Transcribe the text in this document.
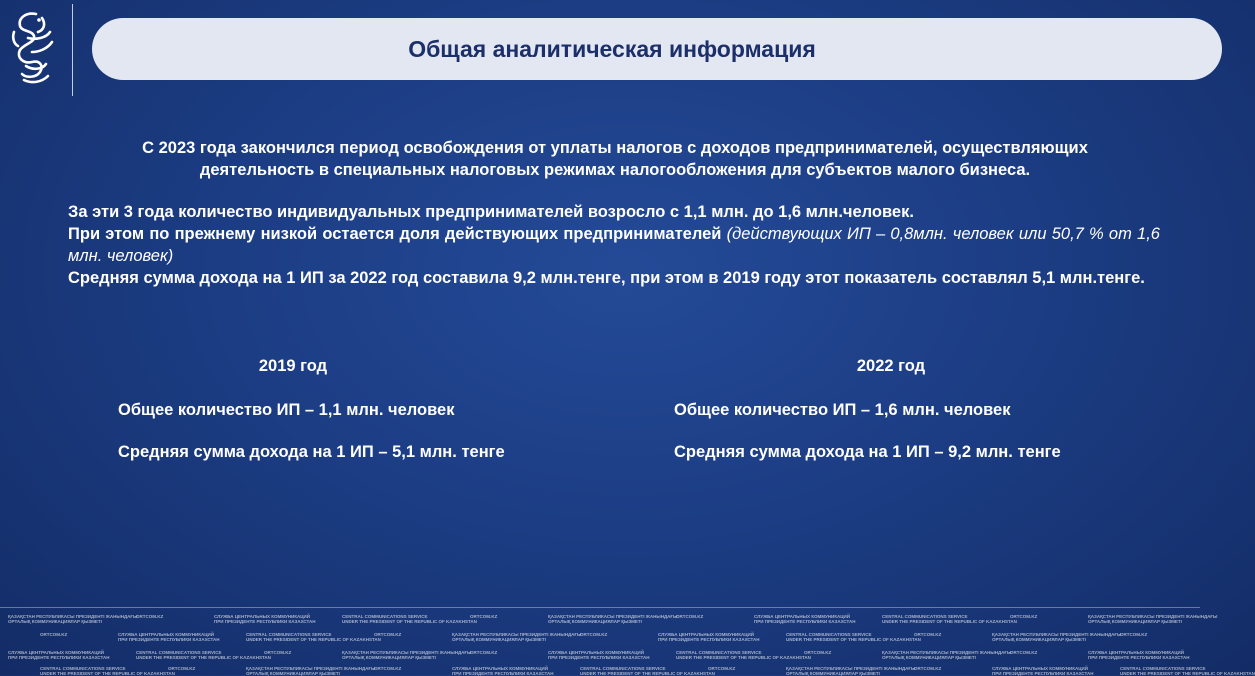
Общая аналитическая информация
С 2023 года закончился период освобождения от уплаты налогов с доходов предпринимателей, осуществляющих
деятельность в специальных налоговых режимах налогообложения для субъектов малого бизнеса.

За эти 3 года количество индивидуальных предпринимателей возросло с 1,1 млн. до 1,6 млн.человек.

При этом по прежнему низкой остается доля действующих предпринимателей (действующих ИП – 0,8млн. человек или 50,7 % от 1,6 млн. человек)

Средняя сумма дохода на 1 ИП за 2022 год составила 9,2 млн.тенге, при этом в 2019 году этот показатель составлял 5,1 млн.тенге.

2019 год
Общее количество ИП – 1,1 млн. человек
Средняя сумма дохода на 1 ИП – 5,1 млн. тенге
2022 год
Общее количество ИП – 1,6 млн. человек
Средняя сумма дохода на 1 ИП – 9,2 млн. тенге
ҚАЗАҚСТАН РЕСПУБЛИКАСЫ ПРЕЗИДЕНТІ ЖАНЫНДАҒЫ
ОРТАЛЫҚ КОММУНИКАЦИЯЛАР ҚЫЗМЕТІ
ORTCOM.KZ	СЛУЖБА ЦЕНТРАЛЬНЫХ КОММУНИКАЦИЙ
ПРИ ПРЕЗИДЕНТЕ РЕСПУБЛИКИ КАЗАХСТАН
CENTRAL COMMUNICATIONS SERVICE
UNDER THE PRESIDENT OF THE REPUBLIC OF KAZAKHSTAN
ORTCOM.KZ	ҚАЗАҚСТАН РЕСПУБЛИКАСЫ ПРЕЗИДЕНТІ ЖАНЫНДАҒЫ
ОРТАЛЫҚ КОММУНИКАЦИЯЛАР ҚЫЗМЕТІ
ORTCOM.KZ	СЛУЖБА ЦЕНТРАЛЬНЫХ КОММУНИКАЦИЙ
ПРИ ПРЕЗИДЕНТЕ РЕСПУБЛИКИ КАЗАХСТАН
CENTRAL COMMUNICATIONS SERVICE
UNDER THE PRESIDENT OF THE REPUBLIC OF KAZAKHSTAN
ORTCOM.KZ	ҚАЗАҚСТАН РЕСПУБЛИКАСЫ ПРЕЗИДЕНТІ ЖАНЫНДАҒЫ
ОРТАЛЫҚ КОММУНИКАЦИЯЛАР ҚЫЗМЕТІ
ORTCOM.KZ	СЛУЖБА ЦЕНТРАЛЬНЫХ КОММУНИКАЦИЙ
ПРИ ПРЕЗИДЕНТЕ РЕСПУБЛИКИ КАЗАХСТАН
CENTRAL COMMUNICATIONS SERVICE
UNDER THE PRESIDENT OF THE REPUBLIC OF KAZAKHSTAN
ORTCOM.KZ	ҚАЗАҚСТАН РЕСПУБЛИКАСЫ ПРЕЗИДЕНТІ ЖАНЫНДАҒЫ
ОРТАЛЫҚ КОММУНИКАЦИЯЛАР ҚЫЗМЕТІ
ORTCOM.KZ	СЛУЖБА ЦЕНТРАЛЬНЫХ КОММУНИКАЦИЙ
ПРИ ПРЕЗИДЕНТЕ РЕСПУБЛИКИ КАЗАХСТАН
CENTRAL COMMUNICATIONS SERVICE
UNDER THE PRESIDENT OF THE REPUBLIC OF KAZAKHSTAN
ORTCOM.KZ	ҚАЗАҚСТАН РЕСПУБЛИКАСЫ ПРЕЗИДЕНТІ ЖАНЫНДАҒЫ
ОРТАЛЫҚ КОММУНИКАЦИЯЛАР ҚЫЗМЕТІ
ORTCOM.KZ
СЛУЖБА ЦЕНТРАЛЬНЫХ КОММУНИКАЦИЙ
ПРИ ПРЕЗИДЕНТЕ РЕСПУБЛИКИ КАЗАХСТАН
CENTRAL COMMUNICATIONS SERVICE
UNDER THE PRESIDENT OF THE REPUBLIC OF KAZAKHSTAN
ORTCOM.KZ	ҚАЗАҚСТАН РЕСПУБЛИКАСЫ ПРЕЗИДЕНТІ ЖАНЫНДАҒЫ
ОРТАЛЫҚ КОММУНИКАЦИЯЛАР ҚЫЗМЕТІ
ORTCOM.KZ	СЛУЖБА ЦЕНТРАЛЬНЫХ КОММУНИКАЦИЙ
ПРИ ПРЕЗИДЕНТЕ РЕСПУБЛИКИ КАЗАХСТАН
CENTRAL COMMUNICATIONS SERVICE
UNDER THE PRESIDENT OF THE REPUBLIC OF KAZAKHSTAN
ORTCOM.KZ	ҚАЗАҚСТАН РЕСПУБЛИКАСЫ ПРЕЗИДЕНТІ ЖАНЫНДАҒЫ
ОРТАЛЫҚ КОММУНИКАЦИЯЛАР ҚЫЗМЕТІ
ORTCOM.KZ	СЛУЖБА ЦЕНТРАЛЬНЫХ КОММУНИКАЦИЙ
ПРИ ПРЕЗИДЕНТЕ РЕСПУБЛИКИ КАЗАХСТАН
CENTRAL COMMUNICATIONS SERVICE
UNDER THE PRESIDENT OF THE REPUBLIC OF KAZAKHSTAN
ORTCOM.KZ	ҚАЗАҚСТАН РЕСПУБЛИКАСЫ ПРЕЗИДЕНТІ ЖАНЫНДАҒЫ
ОРТАЛЫҚ КОММУНИКАЦИЯЛАР ҚЫЗМЕТІ
ORTCOM.KZ	СЛУЖБА ЦЕНТРАЛЬНЫХ КОММУНИКАЦИЙ
ПРИ ПРЕЗИДЕНТЕ РЕСПУБЛИКИ КАЗАХСТАН
CENTRAL COMMUNICATIONS SERVICE
UNDER THE PRESIDENT OF THE REPUBLIC OF KAZAKHSTAN
ORTCOM.KZ	ҚАЗАҚСТАН РЕСПУБЛИКАСЫ ПРЕЗИДЕНТІ ЖАНЫНДАҒЫ
ОРТАЛЫҚ КОММУНИКАЦИЯЛАР ҚЫЗМЕТІ
ORTCOM.KZ	СЛУЖБА ЦЕНТРАЛЬНЫХ КОММУНИКАЦИЙ
ПРИ ПРЕЗИДЕНТЕ РЕСПУБЛИКИ КАЗАХСТАН
CENTRAL COMMUNICATIONS SERVICE
UNDER THE PRESIDENT OF THE REPUBLIC OF KAZAKHSTAN
